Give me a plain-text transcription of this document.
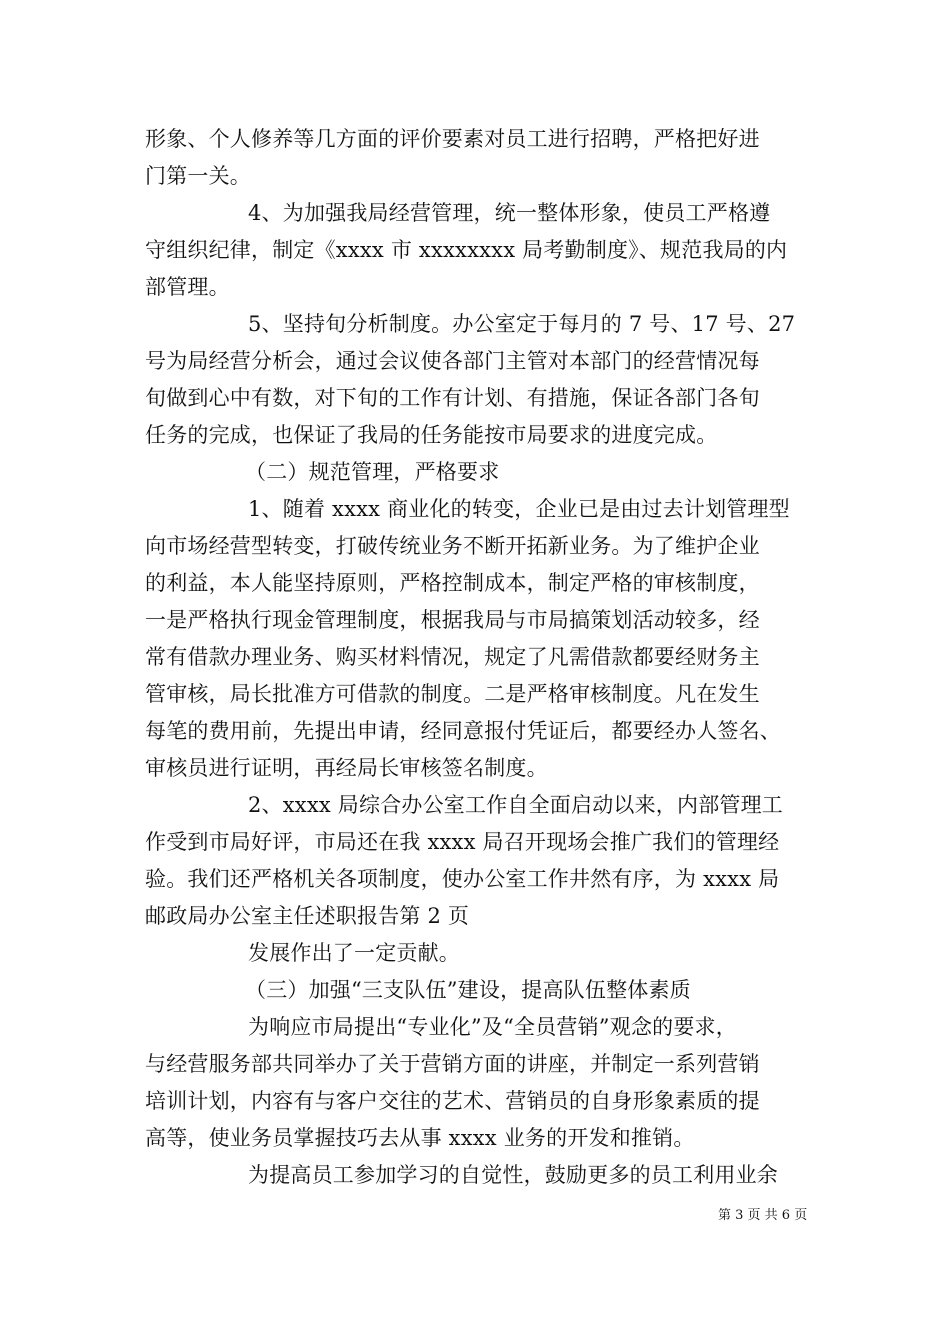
形象、个人修养等几方面的评价要素对员工进行招聘，严格把好进
门第一关。
4、为加强我局经营管理，统一整体形象，使员工严格遵
守组织纪律，制定《xxxx 市 xxxxxxxx 局考勤制度》、规范我局的内
部管理。
5、坚持旬分析制度。办公室定于每月的 7 号、17 号、27
号为局经营分析会，通过会议使各部门主管对本部门的经营情况每
旬做到心中有数，对下旬的工作有计划、有措施，保证各部门各旬
任务的完成，也保证了我局的任务能按市局要求的进度完成。
（二）规范管理，严格要求
1、随着 xxxx 商业化的转变，企业已是由过去计划管理型
向市场经营型转变，打破传统业务不断开拓新业务。为了维护企业
的利益，本人能坚持原则，严格控制成本，制定严格的审核制度，
一是严格执行现金管理制度，根据我局与市局搞策划活动较多，经
常有借款办理业务、购买材料情况，规定了凡需借款都要经财务主
管审核，局长批准方可借款的制度。二是严格审核制度。凡在发生
每笔的费用前，先提出申请，经同意报付凭证后，都要经办人签名、
审核员进行证明，再经局长审核签名制度。
2、xxxx 局综合办公室工作自全面启动以来，内部管理工
作受到市局好评，市局还在我 xxxx 局召开现场会推广我们的管理经
验。我们还严格机关各项制度，使办公室工作井然有序，为 xxxx 局
邮政局办公室主任述职报告第 2 页
发展作出了一定贡献。
（三）加强“三支队伍”建设，提高队伍整体素质
为响应市局提出“专业化”及“全员营销”观念的要求，
与经营服务部共同举办了关于营销方面的讲座，并制定一系列营销
培训计划，内容有与客户交往的艺术、营销员的自身形象素质的提
高等，使业务员掌握技巧去从事 xxxx 业务的开发和推销。
为提高员工参加学习的自觉性，鼓励更多的员工利用业余
第 3 页 共 6 页
